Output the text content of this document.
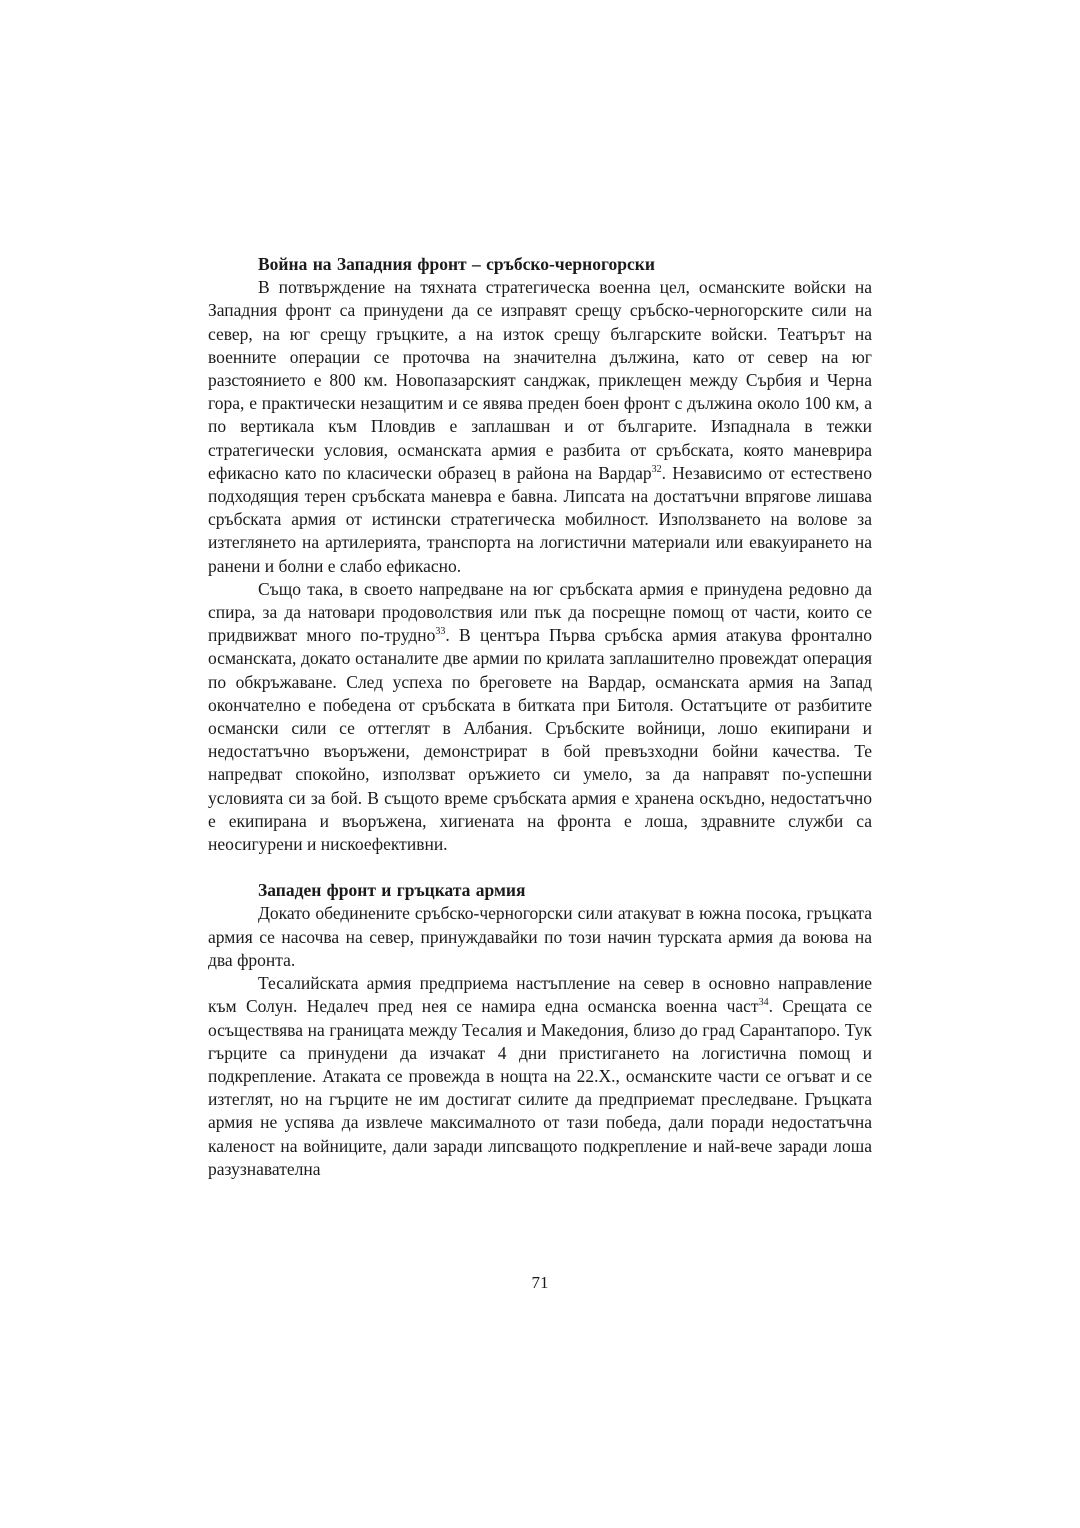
Война на Западния фронт – сръбско-черногорски

В потвърждение на тяхната стратегическа военна цел, османските войски на Западния фронт са принудени да се изправят срещу сръбско-черногорските сили на север, на юг срещу гръцките, а на изток срещу българските войски. Театърът на военните операции се проточва на значителна дължина, като от север на юг разстоянието е 800 км. Новопазарският санджак, приклещен между Сърбия и Черна гора, е практически незащитим и се явява преден боен фронт с дължина около 100 км, а по вертикала към Пловдив е заплашван и от българите. Изпаднала в тежки стратегически условия, османската армия е разбита от сръбската, която маневрира ефикасно като по класически образец в района на Вардар$^{32}$. Независимо от естествено подходящия терен сръбската маневра е бавна. Липсата на достатъчни впрягове лишава сръбската армия от истински стратегическа мобилност. Използването на волове за изтеглянето на артилерията, транспорта на логистични материали или евакуирането на ранени и болни е слабо ефикасно.

Също така, в своето напредване на юг сръбската армия е принудена редовно да спира, за да натовари продоволствия или пък да посрещне помощ от части, които се придвижват много по-трудно$^{33}$. В центъра Първа сръбска армия атакува фронтално османската, докато останалите две армии по крилата заплашително провеждат операция по обкръжаване. След успеха по бреговете на Вардар, османската армия на Запад окончателно е победена от сръбската в битката при Битоля. Остатъците от разбитите османски сили се оттеглят в Албания. Сръбските войници, лошо екипирани и недостатъчно въоръжени, демонстрират в бой превъзходни бойни качества. Те напредват спокойно, използват оръжието си умело, за да направят по-успешни условията си за бой. В същото време сръбската армия е хранена оскъдно, недостатъчно е екипирана и въоръжена, хигиената на фронта е лоша, здравните служби са неосигурени и нискоефективни.

Западен фронт и гръцката армия

Докато обединените сръбско-черногорски сили атакуват в южна посока, гръцката армия се насочва на север, принуждавайки по този начин турската армия да воюва на два фронта.

Тесалийската армия предприема настъпление на север в основно направление към Солун. Недалеч пред нея се намира една османска военна част$^{34}$. Срещата се осъществява на границата между Тесалия и Македония, близо до град Сарантапоро. Тук гърците са принудени да изчакат 4 дни пристигането на логистична помощ и подкрепление. Атаката се провежда в нощта на 22.X., османските части се огъват и се изтеглят, но на гърците не им достигат силите да предприемат преследване. Гръцката армия не успява да извлече максималното от тази победа, дали поради недостатъчна каленост на войниците, дали заради липсващото подкрепление и най-вече заради лоша разузнавателна

71
